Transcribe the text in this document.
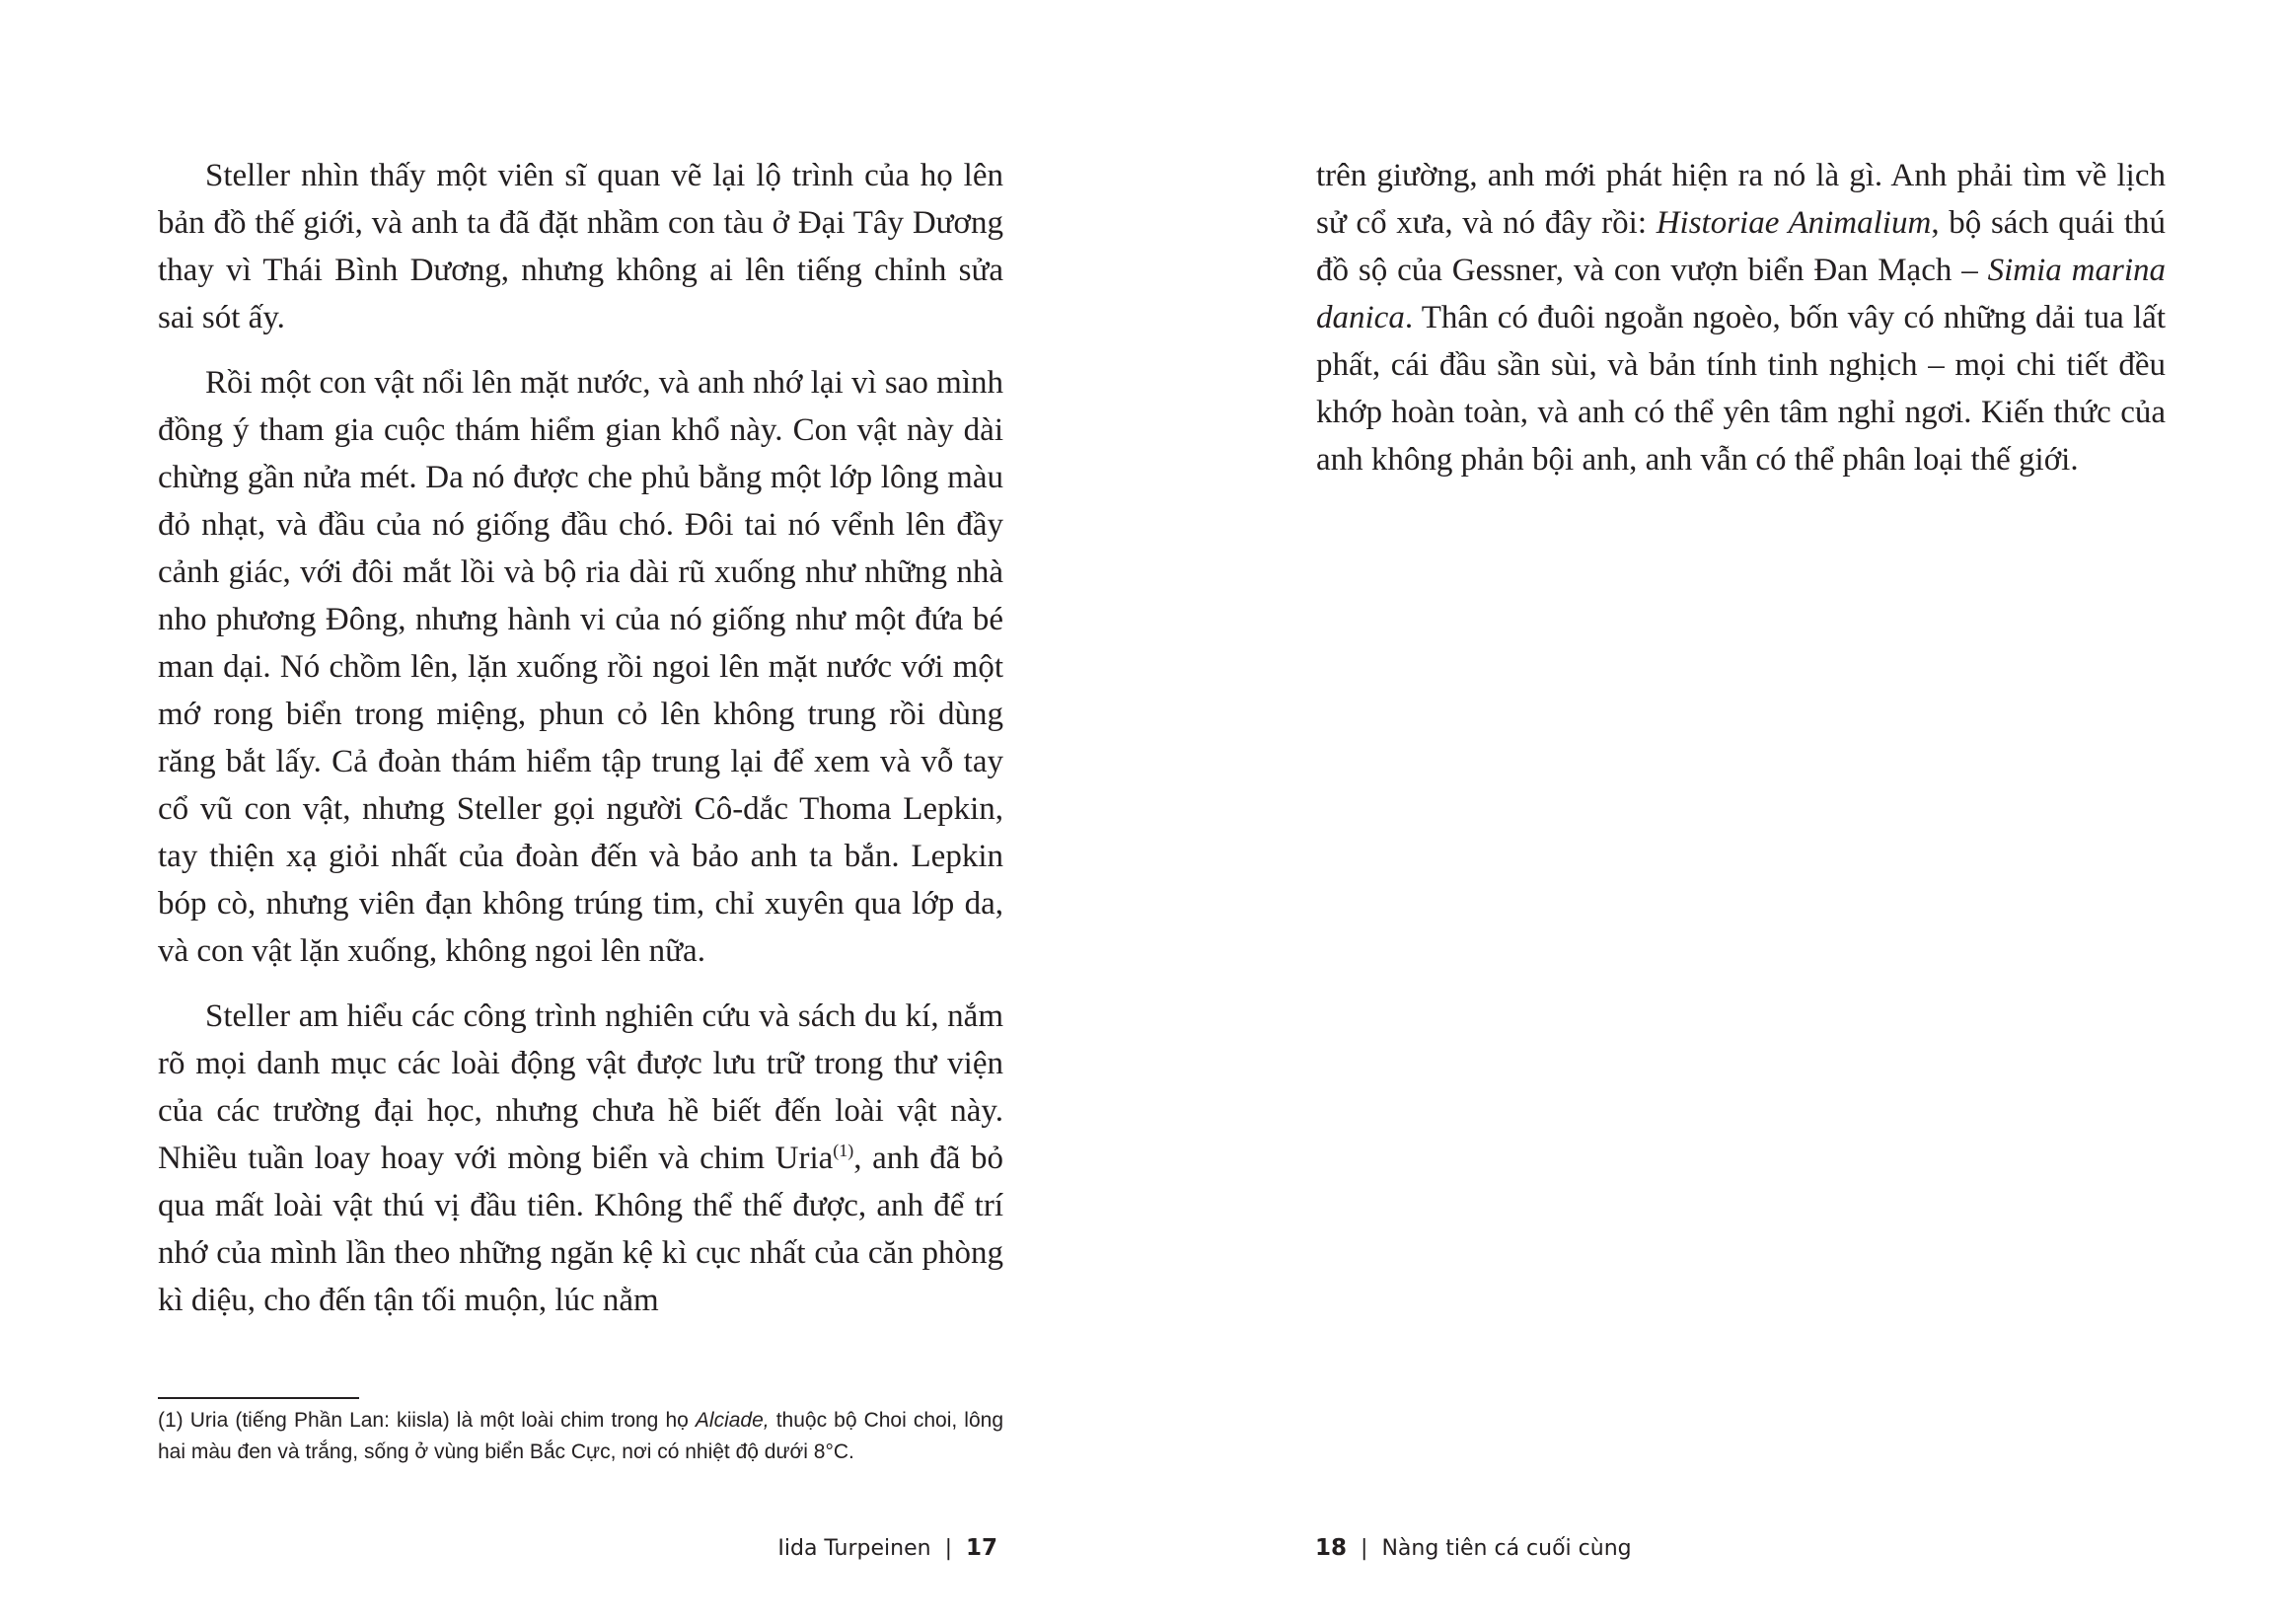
Steller nhìn thấy một viên sĩ quan vẽ lại lộ trình của họ lên bản đồ thế giới, và anh ta đã đặt nhầm con tàu ở Đại Tây Dương thay vì Thái Bình Dương, nhưng không ai lên tiếng chỉnh sửa sai sót ấy.

Rồi một con vật nổi lên mặt nước, và anh nhớ lại vì sao mình đồng ý tham gia cuộc thám hiểm gian khổ này. Con vật này dài chừng gần nửa mét. Da nó được che phủ bằng một lớp lông màu đỏ nhạt, và đầu của nó giống đầu chó. Đôi tai nó vểnh lên đầy cảnh giác, với đôi mắt lồi và bộ ria dài rũ xuống như những nhà nho phương Đông, nhưng hành vi của nó giống như một đứa bé man dại. Nó chồm lên, lặn xuống rồi ngoi lên mặt nước với một mớ rong biển trong miệng, phun cỏ lên không trung rồi dùng răng bắt lấy. Cả đoàn thám hiểm tập trung lại để xem và vỗ tay cổ vũ con vật, nhưng Steller gọi người Cô-dắc Thoma Lepkin, tay thiện xạ giỏi nhất của đoàn đến và bảo anh ta bắn. Lepkin bóp cò, nhưng viên đạn không trúng tim, chỉ xuyên qua lớp da, và con vật lặn xuống, không ngoi lên nữa.

Steller am hiểu các công trình nghiên cứu và sách du kí, nắm rõ mọi danh mục các loài động vật được lưu trữ trong thư viện của các trường đại học, nhưng chưa hề biết đến loài vật này. Nhiều tuần loay hoay với mòng biển và chim Uria$^{(1)}$, anh đã bỏ qua mất loài vật thú vị đầu tiên. Không thể thế được, anh để trí nhớ của mình lần theo những ngăn kệ kì cục nhất của căn phòng kì diệu, cho đến tận tối muộn, lúc nằm

(1) Uria (tiếng Phần Lan: kiisla) là một loài chim trong họ Alciade, thuộc bộ Choi choi, lông hai màu đen và trắng, sống ở vùng biển Bắc Cực, nơi có nhiệt độ dưới 8°C.
Iida Turpeinen | 17

trên giường, anh mới phát hiện ra nó là gì. Anh phải tìm về lịch sử cổ xưa, và nó đây rồi: Historiae Animalium, bộ sách quái thú đồ sộ của Gessner, và con vượn biển Đan Mạch – Simia marina danica. Thân có đuôi ngoằn ngoèo, bốn vây có những dải tua lất phất, cái đầu sần sùi, và bản tính tinh nghịch – mọi chi tiết đều khớp hoàn toàn, và anh có thể yên tâm nghỉ ngơi. Kiến thức của anh không phản bội anh, anh vẫn có thể phân loại thế giới.

18 | Nàng tiên cá cuối cùng
